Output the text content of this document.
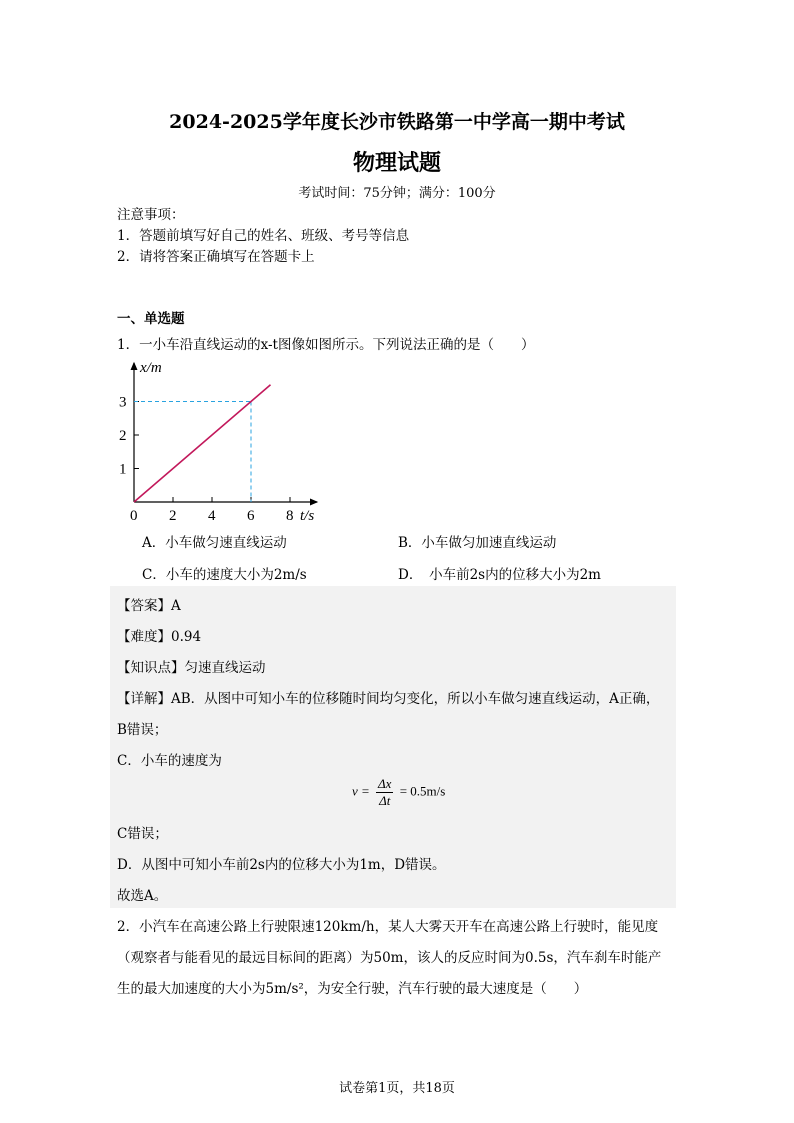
2024-2025学年度长沙市铁路第一中学高一期中考试
物理试题
考试时间：75分钟；满分：100分
注意事项：
1．答题前填写好自己的姓名、班级、考号等信息
2．请将答案正确填写在答题卡上
一、单选题
1．一小车沿直线运动的x-t图像如图所示。下列说法正确的是（　　）
0 2 4 6 8
1
2
3
x/m
t/s
A．小车做匀速直线运动	B．小车做匀加速直线运动
C．小车的速度大小为2m/s	D．　小车前2s内的位移大小为2m
【答案】A
【难度】0.94
【知识点】匀速直线运动
【详解】AB．从图中可知小车的位移随时间均匀变化，所以小车做匀速直线运动，A正确，
B错误；
C．小车的速度为
$v = \frac{\Delta x}{\Delta t} = 0.5m/s$
C错误；
D．从图中可知小车前2s内的位移大小为1m，D错误。
故选A。
2．小汽车在高速公路上行驶限速120km/h，某人大雾天开车在高速公路上行驶时，能见度
（观察者与能看见的最远目标间的距离）为50m，该人的反应时间为0.5s，汽车刹车时能产
生的最大加速度的大小为5m/s²，为安全行驶，汽车行驶的最大速度是（　　）
试卷第1页，共18页
